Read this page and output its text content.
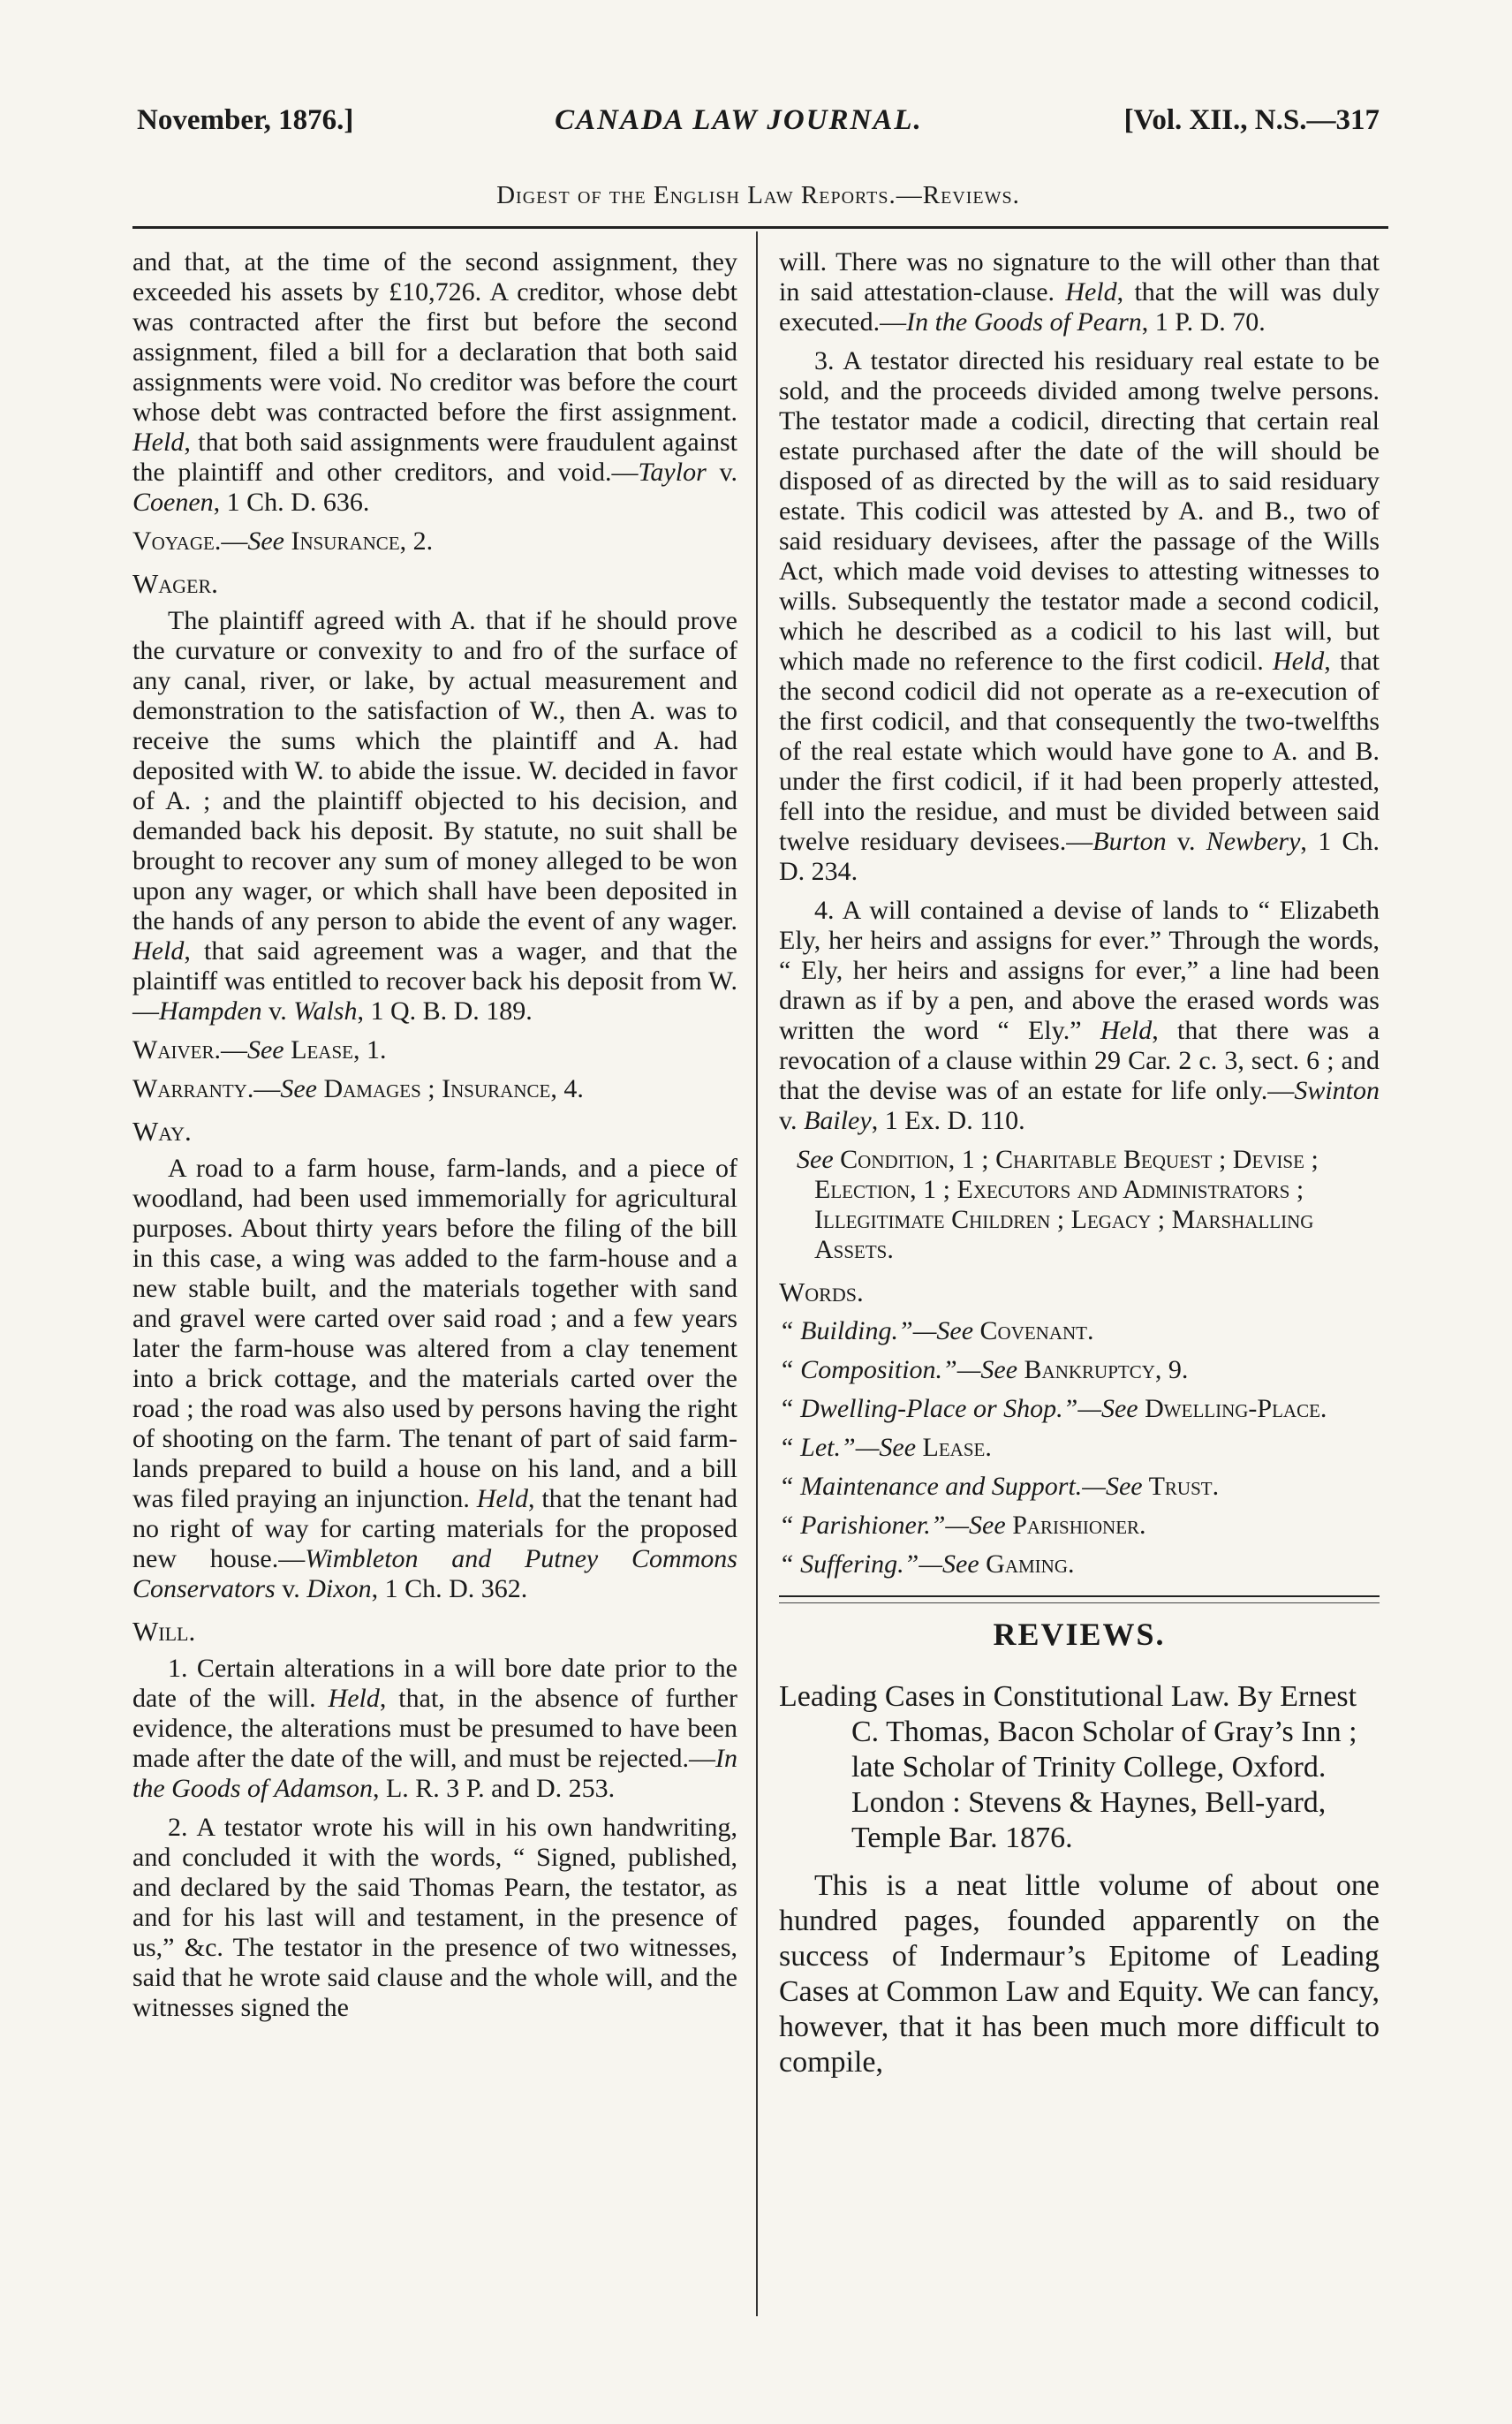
November, 1876.]	CANADA LAW JOURNAL.	[Vol. XII., N.S.—317
Digest of the English Law Reports.—Reviews.

and that, at the time of the second assignment, they exceeded his assets by £10,726. A creditor, whose debt was contracted after the first but before the second assignment, filed a bill for a declaration that both said assignments were void. No creditor was before the court whose debt was contracted before the first assignment. Held, that both said assignments were fraudulent against the plaintiff and other creditors, and void.—Taylor v. Coenen, 1 Ch. D. 636.

Voyage.—See Insurance, 2.
Wager.

The plaintiff agreed with A. that if he should prove the curvature or convexity to and fro of the surface of any canal, river, or lake, by actual measurement and demonstration to the satisfaction of W., then A. was to receive the sums which the plaintiff and A. had deposited with W. to abide the issue. W. decided in favor of A. ; and the plaintiff objected to his decision, and demanded back his deposit. By statute, no suit shall be brought to recover any sum of money alleged to be won upon any wager, or which shall have been deposited in the hands of any person to abide the event of any wager. Held, that said agreement was a wager, and that the plaintiff was entitled to recover back his deposit from W.—Hampden v. Walsh, 1 Q. B. D. 189.

Waiver.—See Lease, 1.
Warranty.—See Damages ; Insurance, 4.
Way.

A road to a farm house, farm-lands, and a piece of woodland, had been used immemorially for agricultural purposes. About thirty years before the filing of the bill in this case, a wing was added to the farm-house and a new stable built, and the materials together with sand and gravel were carted over said road ; and a few years later the farm-house was altered from a clay tenement into a brick cottage, and the materials carted over the road ; the road was also used by persons having the right of shooting on the farm. The tenant of part of said farm-lands prepared to build a house on his land, and a bill was filed praying an injunction. Held, that the tenant had no right of way for carting materials for the proposed new house.—Wimbleton and Putney Commons Conservators v. Dixon, 1 Ch. D. 362.

Will.

1. Certain alterations in a will bore date prior to the date of the will. Held, that, in the absence of further evidence, the alterations must be presumed to have been made after the date of the will, and must be rejected.—In the Goods of Adamson, L. R. 3 P. and D. 253.

2. A testator wrote his will in his own handwriting, and concluded it with the words, “ Signed, published, and declared by the said Thomas Pearn, the testator, as and for his last will and testament, in the presence of us,” &c. The testator in the presence of two witnesses, said that he wrote said clause and the whole will, and the witnesses signed the

will. There was no signature to the will other than that in said attestation-clause. Held, that the will was duly executed.—In the Goods of Pearn, 1 P. D. 70.

3. A testator directed his residuary real estate to be sold, and the proceeds divided among twelve persons. The testator made a codicil, directing that certain real estate purchased after the date of the will should be disposed of as directed by the will as to said residuary estate. This codicil was attested by A. and B., two of said residuary devisees, after the passage of the Wills Act, which made void devises to attesting witnesses to wills. Subsequently the testator made a second codicil, which he described as a codicil to his last will, but which made no reference to the first codicil. Held, that the second codicil did not operate as a re-execution of the first codicil, and that consequently the two-twelfths of the real estate which would have gone to A. and B. under the first codicil, if it had been properly attested, fell into the residue, and must be divided between said twelve residuary devisees.—Burton v. Newbery, 1 Ch. D. 234.

4. A will contained a devise of lands to “ Elizabeth Ely, her heirs and assigns for ever.” Through the words, “ Ely, her heirs and assigns for ever,” a line had been drawn as if by a pen, and above the erased words was written the word “ Ely.” Held, that there was a revocation of a clause within 29 Car. 2 c. 3, sect. 6 ; and that the devise was of an estate for life only.—Swinton v. Bailey, 1 Ex. D. 110.

See Condition, 1 ; Charitable Bequest ; Devise ; Election, 1 ; Executors and Administrators ; Illegitimate Children ; Legacy ; Marshalling Assets.

Words.
“ Building.”—See Covenant.
“ Composition.”—See Bankruptcy, 9.
“ Dwelling-Place or Shop.”—See Dwelling-Place.
“ Let.”—See Lease.
“ Maintenance and Support.—See Trust.
“ Parishioner.”—See Parishioner.
“ Suffering.”—See Gaming.
REVIEWS.
Leading Cases in Constitutional Law. By Ernest C. Thomas, Bacon Scholar of Gray’s Inn ; late Scholar of Trinity College, Oxford. London : Stevens & Haynes, Bell-yard, Temple Bar. 1876.
This is a neat little volume of about one hundred pages, founded apparently on the success of Indermaur’s Epitome of Leading Cases at Common Law and Equity. We can fancy, however, that it has been much more difficult to compile,
